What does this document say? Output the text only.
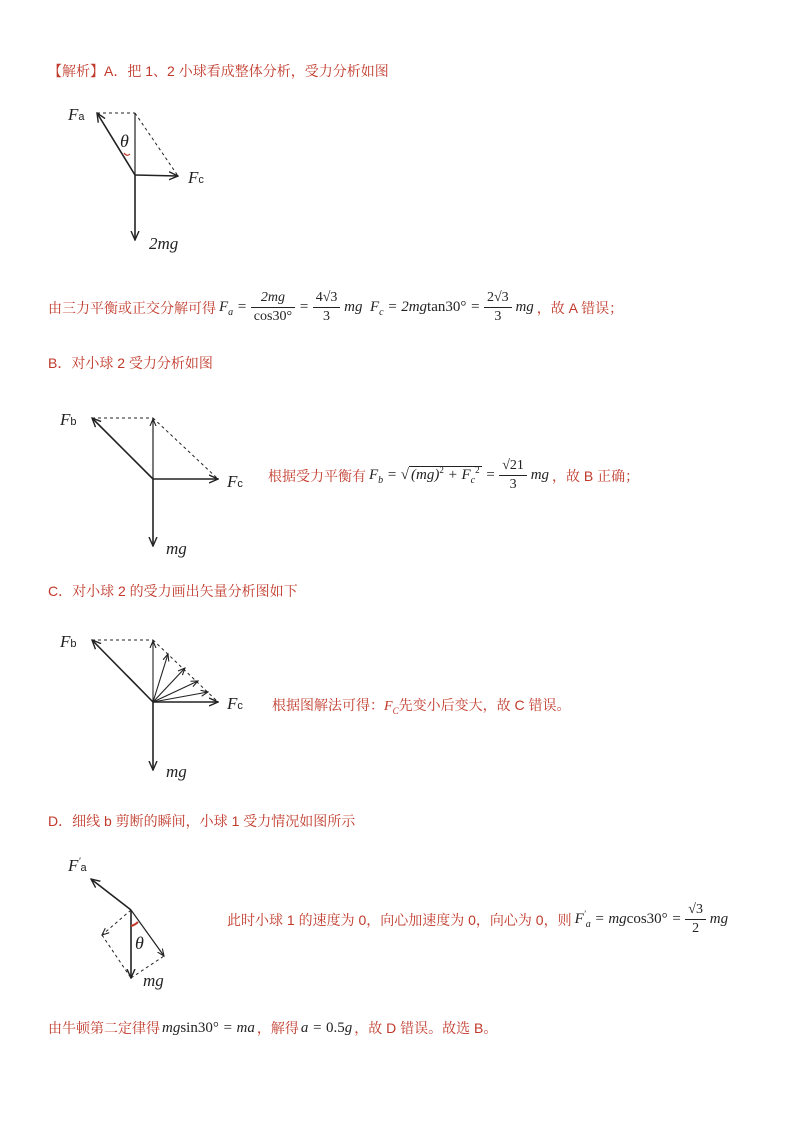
【解析】A．把 1、2 小球看成整体分析，受力分析如图
Fa
θ
Fc
2mg
由三力平衡或正交分解可得 $F_a = \frac{2mg}{\cos 30^\circ} = \frac{4√3}{3}$ mg  $F_c = 2mgtan30^\circ = \frac{2√3}{3}$ mg ，故 A 错误；
B．对小球 2 受力分析如图
Fb
Fc
mg
根据受力平衡有 $F_b$ = √ $(mg)^2 + F_c^2 = \frac{√21}{3}$ mg ，故 B 正确；
C．对小球 2 的受力画出矢量分析图如下
Fb
Fc
mg
根据图解法可得：$F_C$先变小后变大，故 C 错误。
D．细线 b 剪断的瞬间，小球 1 受力情况如图所示
F'a
θ
mg
此时小球 1 的速度为 0，向心加速度为 0，向心为 0，则 $F'_a = mgcos30^\circ = \frac{√3}{2}$ mg
由牛顿第二定律得 mgsin30° = ma ，解得 a = 0.5g ，故 D 错误。故选 B。
